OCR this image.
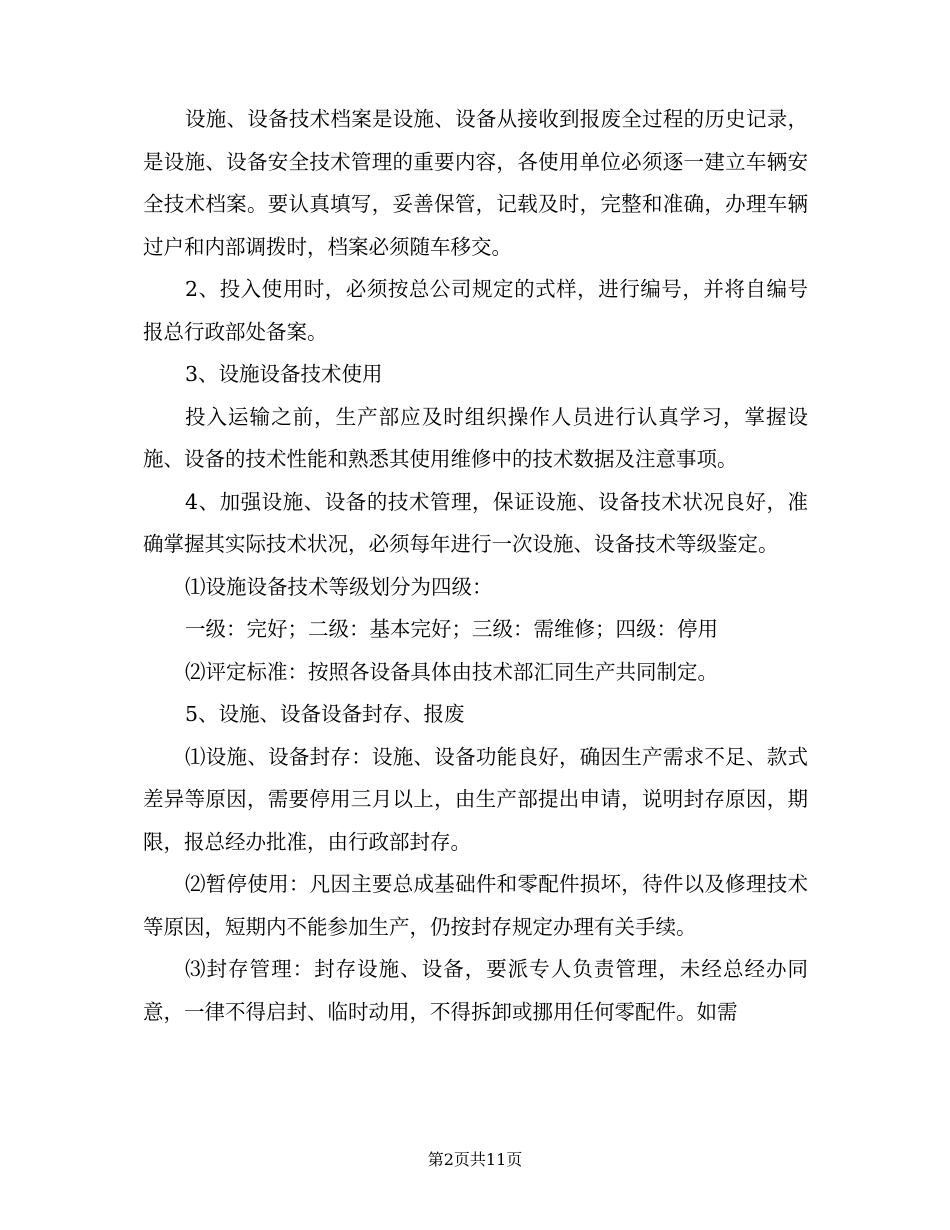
设施、设备技术档案是设施、设备从接收到报废全过程的历史记录，是设施、设备安全技术管理的重要内容，各使用单位必须逐一建立车辆安全技术档案。要认真填写，妥善保管，记载及时，完整和准确，办理车辆过户和内部调拨时，档案必须随车移交。

2、投入使用时，必须按总公司规定的式样，进行编号，并将自编号报总行政部处备案。

3、设施设备技术使用

投入运输之前，生产部应及时组织操作人员进行认真学习，掌握设施、设备的技术性能和熟悉其使用维修中的技术数据及注意事项。

4、加强设施、设备的技术管理，保证设施、设备技术状况良好，准确掌握其实际技术状况，必须每年进行一次设施、设备技术等级鉴定。

⑴设施设备技术等级划分为四级：

一级：完好；二级：基本完好；三级：需维修；四级：停用

⑵评定标准：按照各设备具体由技术部汇同生产共同制定。

5、设施、设备设备封存、报废

⑴设施、设备封存：设施、设备功能良好，确因生产需求不足、款式差异等原因，需要停用三月以上，由生产部提出申请，说明封存原因，期限，报总经办批准，由行政部封存。

⑵暂停使用：凡因主要总成基础件和零配件损坏，待件以及修理技术等原因，短期内不能参加生产，仍按封存规定办理有关手续。

⑶封存管理：封存设施、设备，要派专人负责管理，未经总经办同意，一律不得启封、临时动用，不得拆卸或挪用任何零配件。如需

第2页共11页
